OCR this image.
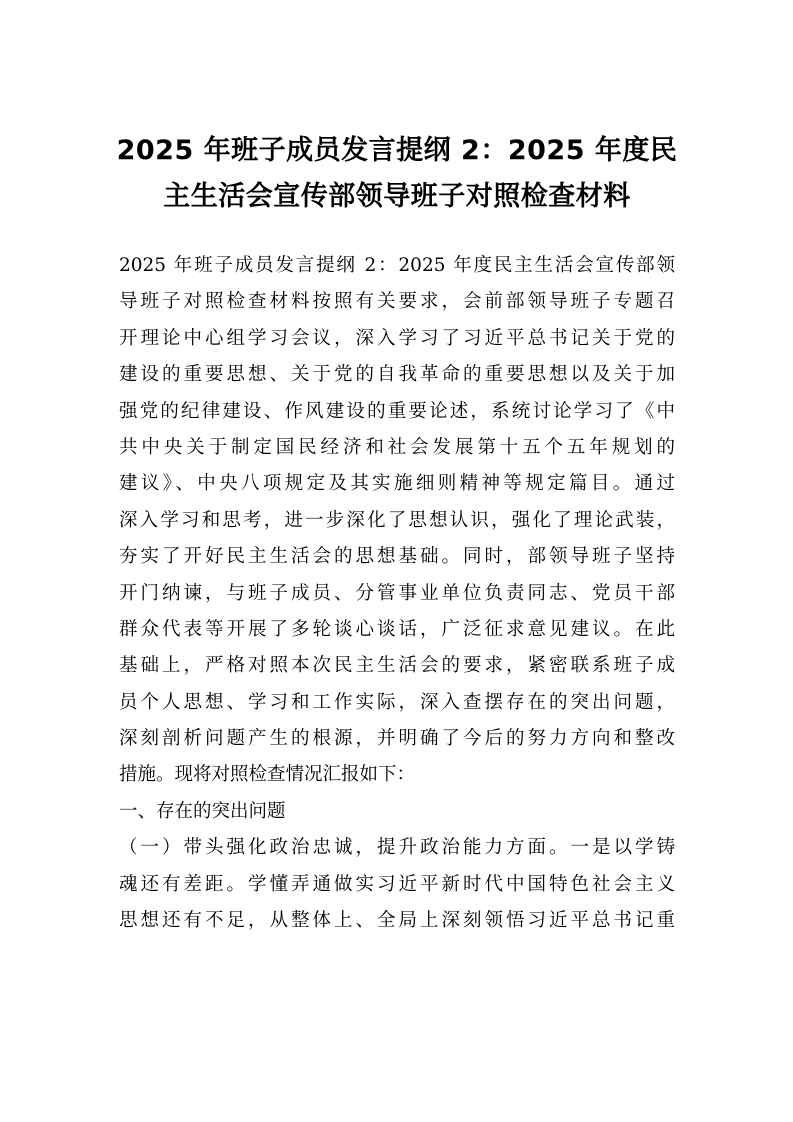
2025 年班子成员发言提纲 2：2025 年度民
主生活会宣传部领导班子对照检查材料
2025 年班子成员发言提纲 2：2025 年度民主生活会宣传部领
导班子对照检查材料按照有关要求，会前部领导班子专题召
开理论中心组学习会议，深入学习了习近平总书记关于党的
建设的重要思想、关于党的自我革命的重要思想以及关于加
强党的纪律建设、作风建设的重要论述，系统讨论学习了《中
共中央关于制定国民经济和社会发展第十五个五年规划的
建议》、中央八项规定及其实施细则精神等规定篇目。通过
深入学习和思考，进一步深化了思想认识，强化了理论武装，
夯实了开好民主生活会的思想基础。同时，部领导班子坚持
开门纳谏，与班子成员、分管事业单位负责同志、党员干部
群众代表等开展了多轮谈心谈话，广泛征求意见建议。在此
基础上，严格对照本次民主生活会的要求，紧密联系班子成
员个人思想、学习和工作实际，深入查摆存在的突出问题，
深刻剖析问题产生的根源，并明确了今后的努力方向和整改
措施。现将对照检查情况汇报如下：
一、存在的突出问题
（一）带头强化政治忠诚，提升政治能力方面。一是以学铸
魂还有差距。学懂弄通做实习近平新时代中国特色社会主义
思想还有不足，从整体上、全局上深刻领悟习近平总书记重
